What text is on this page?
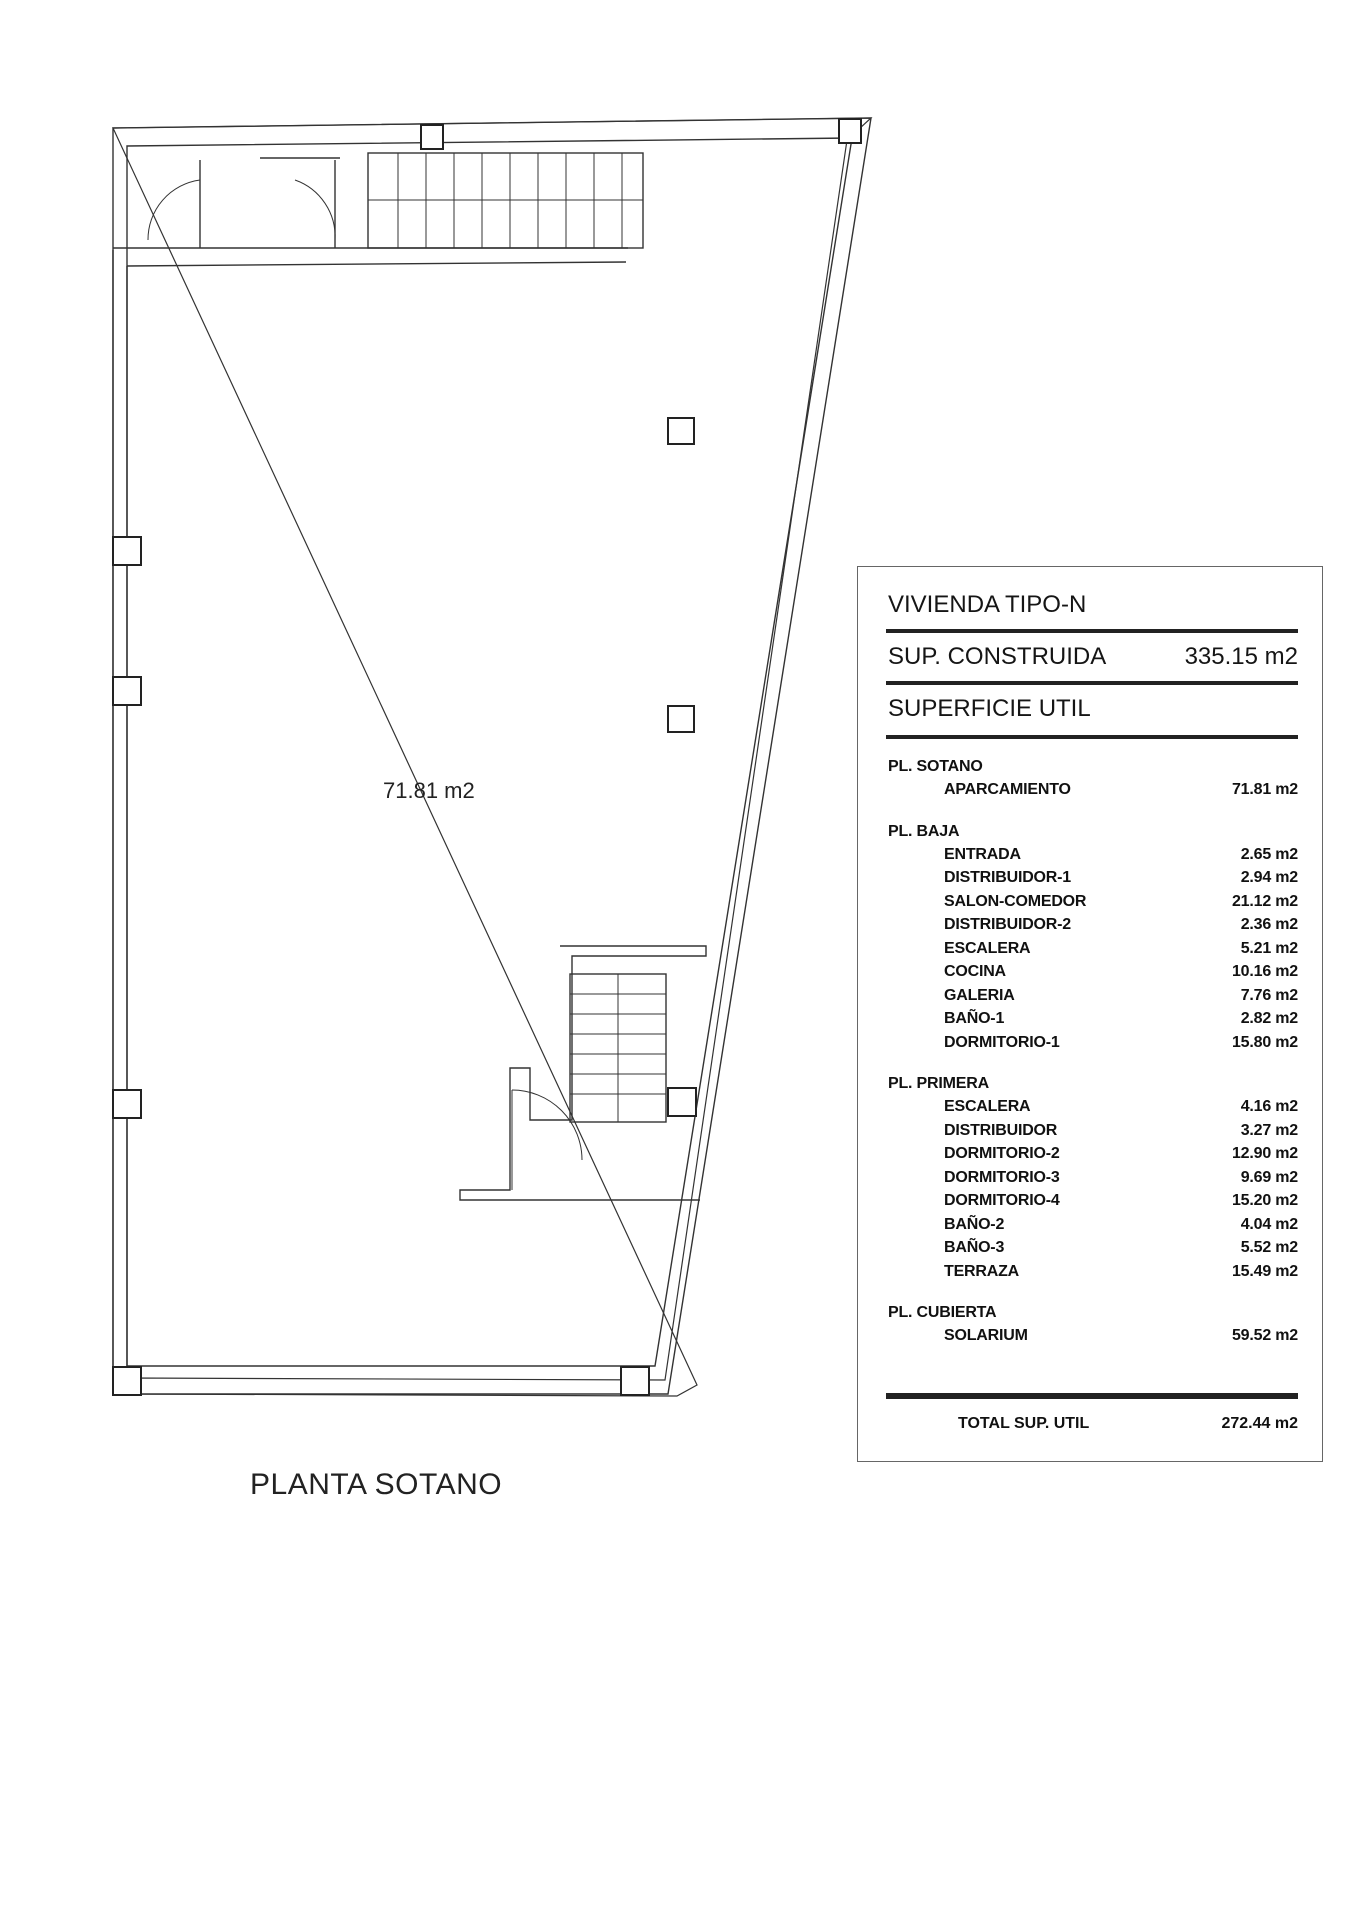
71.81 m2
PLANTA SOTANO
VIVIENDA TIPO-N
SUP. CONSTRUIDA	335.15 m2
SUPERFICIE UTIL
PL. SOTANO
APARCAMIENTO	71.81 m2
PL. BAJA
ENTRADA	2.65 m2
DISTRIBUIDOR-1	2.94 m2
SALON-COMEDOR	21.12 m2
DISTRIBUIDOR-2	2.36 m2
ESCALERA	5.21 m2
COCINA	10.16 m2
GALERIA	7.76 m2
BAÑO-1	2.82 m2
DORMITORIO-1	15.80 m2
PL. PRIMERA
ESCALERA	4.16 m2
DISTRIBUIDOR	3.27 m2
DORMITORIO-2	12.90 m2
DORMITORIO-3	9.69 m2
DORMITORIO-4	15.20 m2
BAÑO-2	4.04 m2
BAÑO-3	5.52 m2
TERRAZA	15.49 m2
PL. CUBIERTA
SOLARIUM	59.52 m2
TOTAL SUP. UTIL	272.44 m2
